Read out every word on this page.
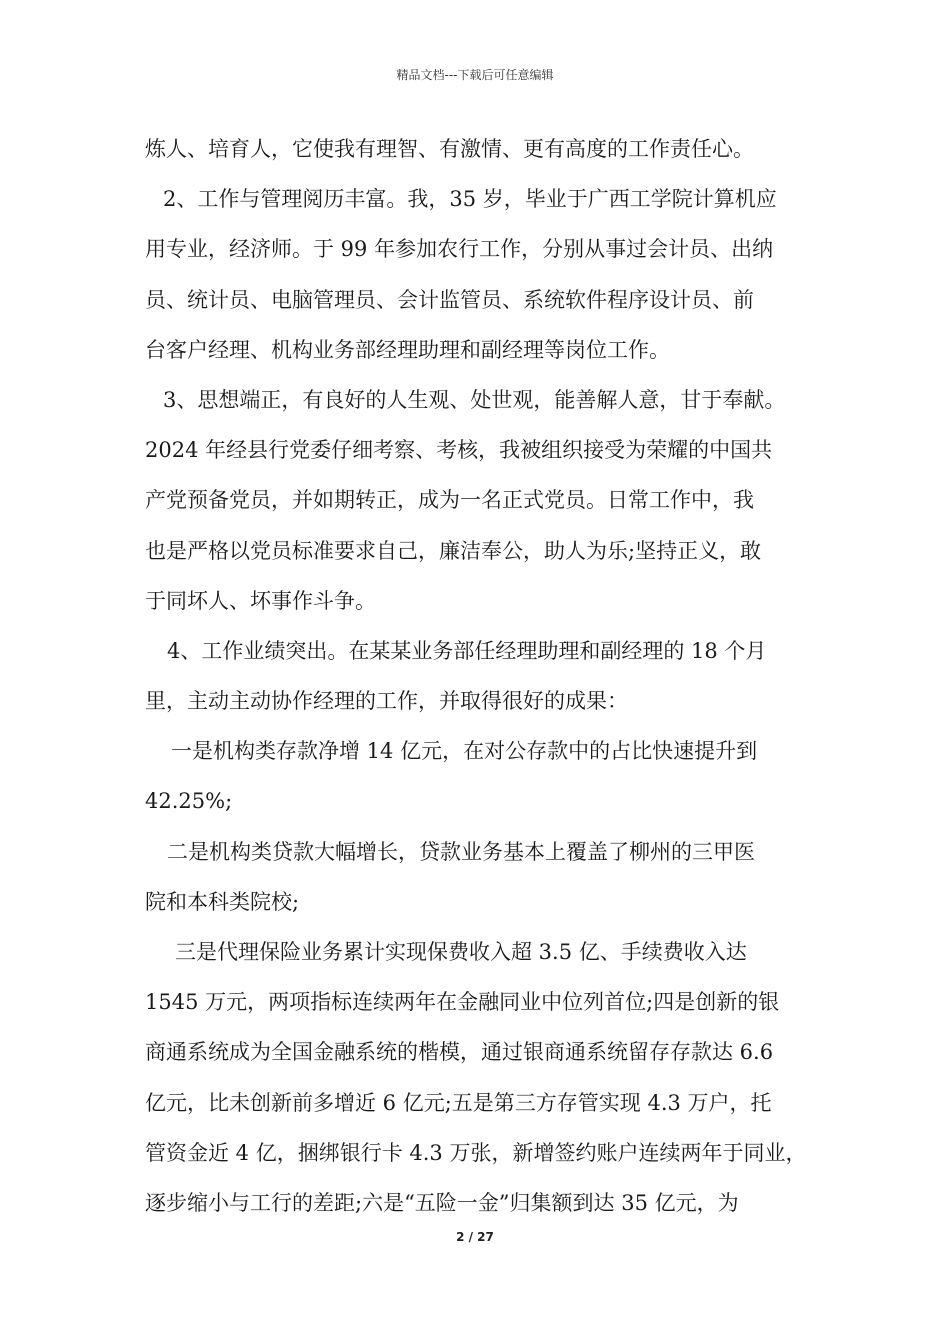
精品文档---下载后可任意编辑
炼人、培育人，它使我有理智、有激情、更有高度的工作责任心。
2、工作与管理阅历丰富。我，35 岁，毕业于广西工学院计算机应
用专业，经济师。于 99 年参加农行工作，分别从事过会计员、出纳
员、统计员、电脑管理员、会计监管员、系统软件程序设计员、前
台客户经理、机构业务部经理助理和副经理等岗位工作。
3、思想端正，有良好的人生观、处世观，能善解人意，甘于奉献。
2024 年经县行党委仔细考察、考核，我被组织接受为荣耀的中国共
产党预备党员，并如期转正，成为一名正式党员。日常工作中，我
也是严格以党员标准要求自己，廉洁奉公，助人为乐;坚持正义，敢
于同坏人、坏事作斗争。
4、工作业绩突出。在某某业务部任经理助理和副经理的 18 个月
里，主动主动协作经理的工作，并取得很好的成果：
一是机构类存款净增 14 亿元，在对公存款中的占比快速提升到
42.25%;
二是机构类贷款大幅增长，贷款业务基本上覆盖了柳州的三甲医
院和本科类院校;
三是代理保险业务累计实现保费收入超 3.5 亿、手续费收入达
1545 万元，两项指标连续两年在金融同业中位列首位;四是创新的银
商通系统成为全国金融系统的楷模，通过银商通系统留存存款达 6.6
亿元，比未创新前多增近 6 亿元;五是第三方存管实现 4.3 万户，托
管资金近 4 亿，捆绑银行卡 4.3 万张，新增签约账户连续两年于同业，
逐步缩小与工行的差距;六是“五险一金”归集额到达 35 亿元，为
2 / 27
